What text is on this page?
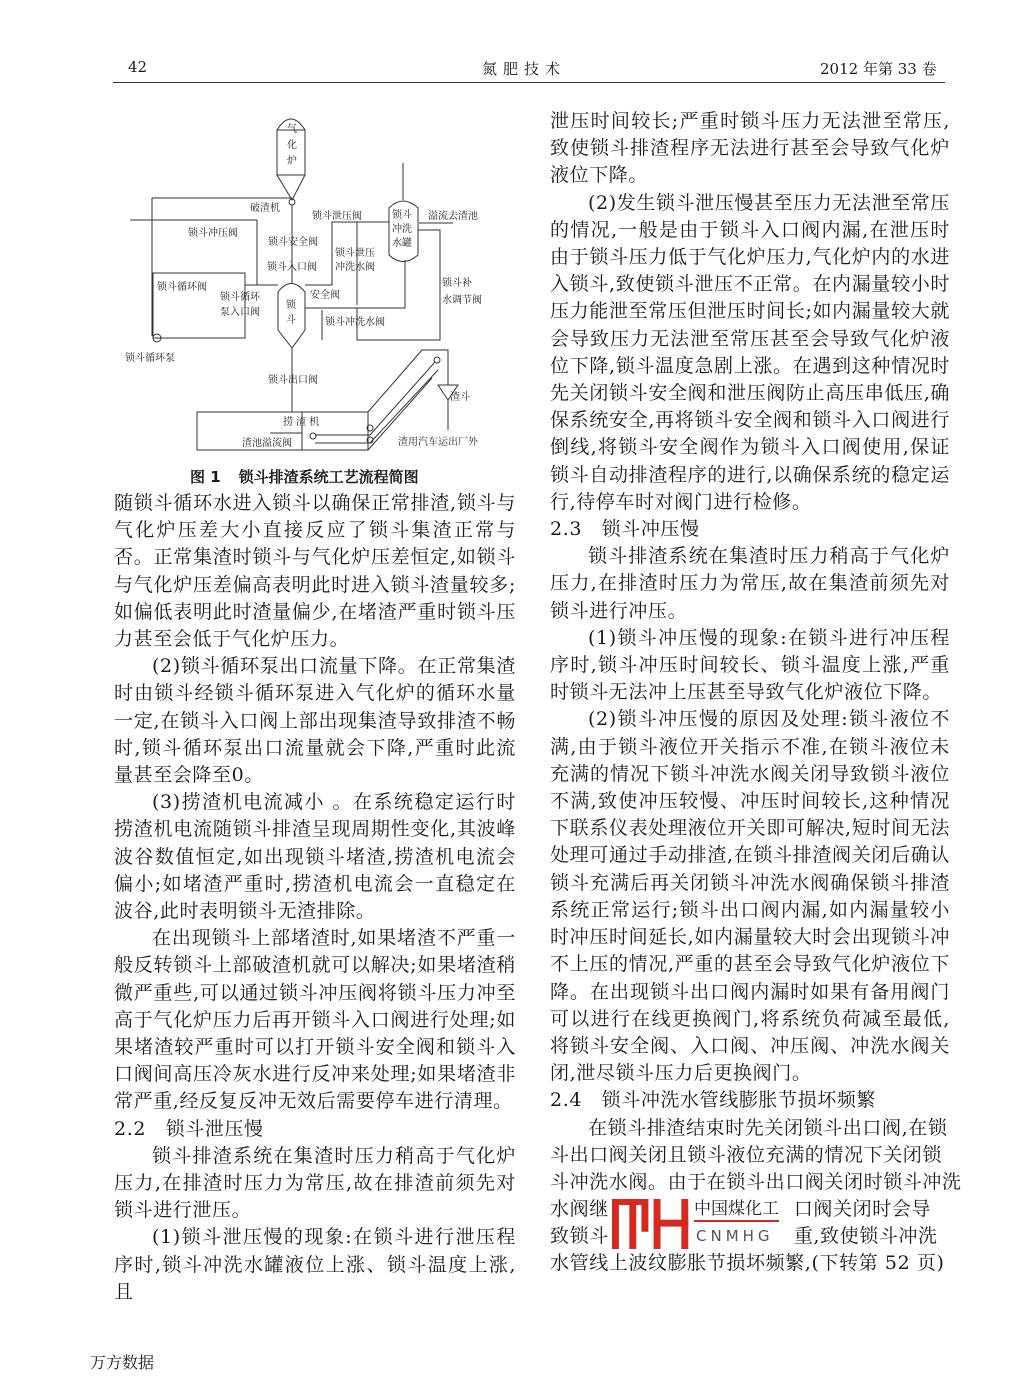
42	氮肥技术	2012 年第 33 卷
气
化
炉
破渣机
锁斗泄压阀	锁斗
冲洗
水罐
溢流去渣池
锁斗冲压阀
锁斗安全阀
锁斗泄压
冲洗水阀
锁斗入口阀
锁斗循环阀
锁斗循环
泵入口阀
安全阀
锁
斗
锁斗补
水调节阀
锁斗冲洗水阀
锁斗循环泵
锁斗出口阀
渣斗
捞 渣 机
渣池溢流阀	渣用汽车运出厂外
图 1 锁斗排渣系统工艺流程简图

随锁斗循环水进入锁斗以确保正常排渣,锁斗与气化炉压差大小直接反应了锁斗集渣正常与否。正常集渣时锁斗与气化炉压差恒定,如锁斗与气化炉压差偏高表明此时进入锁斗渣量较多;如偏低表明此时渣量偏少,在堵渣严重时锁斗压力甚至会低于气化炉压力。

(2)锁斗循环泵出口流量下降。在正常集渣时由锁斗经锁斗循环泵进入气化炉的循环水量一定,在锁斗入口阀上部出现集渣导致排渣不畅时,锁斗循环泵出口流量就会下降,严重时此流量甚至会降至0。

(3)捞渣机电流减小 。在系统稳定运行时捞渣机电流随锁斗排渣呈现周期性变化,其波峰波谷数值恒定,如出现锁斗堵渣,捞渣机电流会偏小;如堵渣严重时,捞渣机电流会一直稳定在波谷,此时表明锁斗无渣排除。

在出现锁斗上部堵渣时,如果堵渣不严重一般反转锁斗上部破渣机就可以解决;如果堵渣稍微严重些,可以通过锁斗冲压阀将锁斗压力冲至高于气化炉压力后再开锁斗入口阀进行处理;如果堵渣较严重时可以打开锁斗安全阀和锁斗入口阀间高压冷灰水进行反冲来处理;如果堵渣非常严重,经反复反冲无效后需要停车进行清理。

2.2　锁斗泄压慢

锁斗排渣系统在集渣时压力稍高于气化炉压力,在排渣时压力为常压,故在排渣前须先对锁斗进行泄压。

(1)锁斗泄压慢的现象:在锁斗进行泄压程序时,锁斗冲洗水罐液位上涨、锁斗温度上涨,且

泄压时间较长;严重时锁斗压力无法泄至常压,致使锁斗排渣程序无法进行甚至会导致气化炉液位下降。

(2)发生锁斗泄压慢甚至压力无法泄至常压的情况,一般是由于锁斗入口阀内漏,在泄压时由于锁斗压力低于气化炉压力,气化炉内的水进入锁斗,致使锁斗泄压不正常。在内漏量较小时压力能泄至常压但泄压时间长;如内漏量较大就会导致压力无法泄至常压甚至会导致气化炉液位下降,锁斗温度急剧上涨。在遇到这种情况时先关闭锁斗安全阀和泄压阀防止高压串低压,确保系统安全,再将锁斗安全阀和锁斗入口阀进行倒线,将锁斗安全阀作为锁斗入口阀使用,保证锁斗自动排渣程序的进行,以确保系统的稳定运行,待停车时对阀门进行检修。

2.3　锁斗冲压慢

锁斗排渣系统在集渣时压力稍高于气化炉压力,在排渣时压力为常压,故在集渣前须先对锁斗进行冲压。

(1)锁斗冲压慢的现象:在锁斗进行冲压程序时,锁斗冲压时间较长、锁斗温度上涨,严重时锁斗无法冲上压甚至导致气化炉液位下降。

(2)锁斗冲压慢的原因及处理:锁斗液位不满,由于锁斗液位开关指示不准,在锁斗液位未充满的情况下锁斗冲洗水阀关闭导致锁斗液位不满,致使冲压较慢、冲压时间较长,这种情况下联系仪表处理液位开关即可解决,短时间无法处理可通过手动排渣,在锁斗排渣阀关闭后确认锁斗充满后再关闭锁斗冲洗水阀确保锁斗排渣系统正常运行;锁斗出口阀内漏,如内漏量较小时冲压时间延长,如内漏量较大时会出现锁斗冲不上压的情况,严重的甚至会导致气化炉液位下降。在出现锁斗出口阀内漏时如果有备用阀门可以进行在线更换阀门,将系统负荷减至最低,将锁斗安全阀、入口阀、冲压阀、冲洗水阀关闭,泄尽锁斗压力后更换阀门。

2.4　锁斗冲洗水管线膨胀节损坏频繁
在锁斗排渣结束时先关闭锁斗出口阀,在锁
斗出口阀关闭且锁斗液位充满的情况下关闭锁
斗冲洗水阀。由于在锁斗出口阀关闭时锁斗冲洗
水阀继	口阀关闭时会导
致锁斗	重,致使锁斗冲洗
水管线上波纹膨胀节损坏频繁,(下转第 52 页)
中国煤化工
CNMHG
万方数据
